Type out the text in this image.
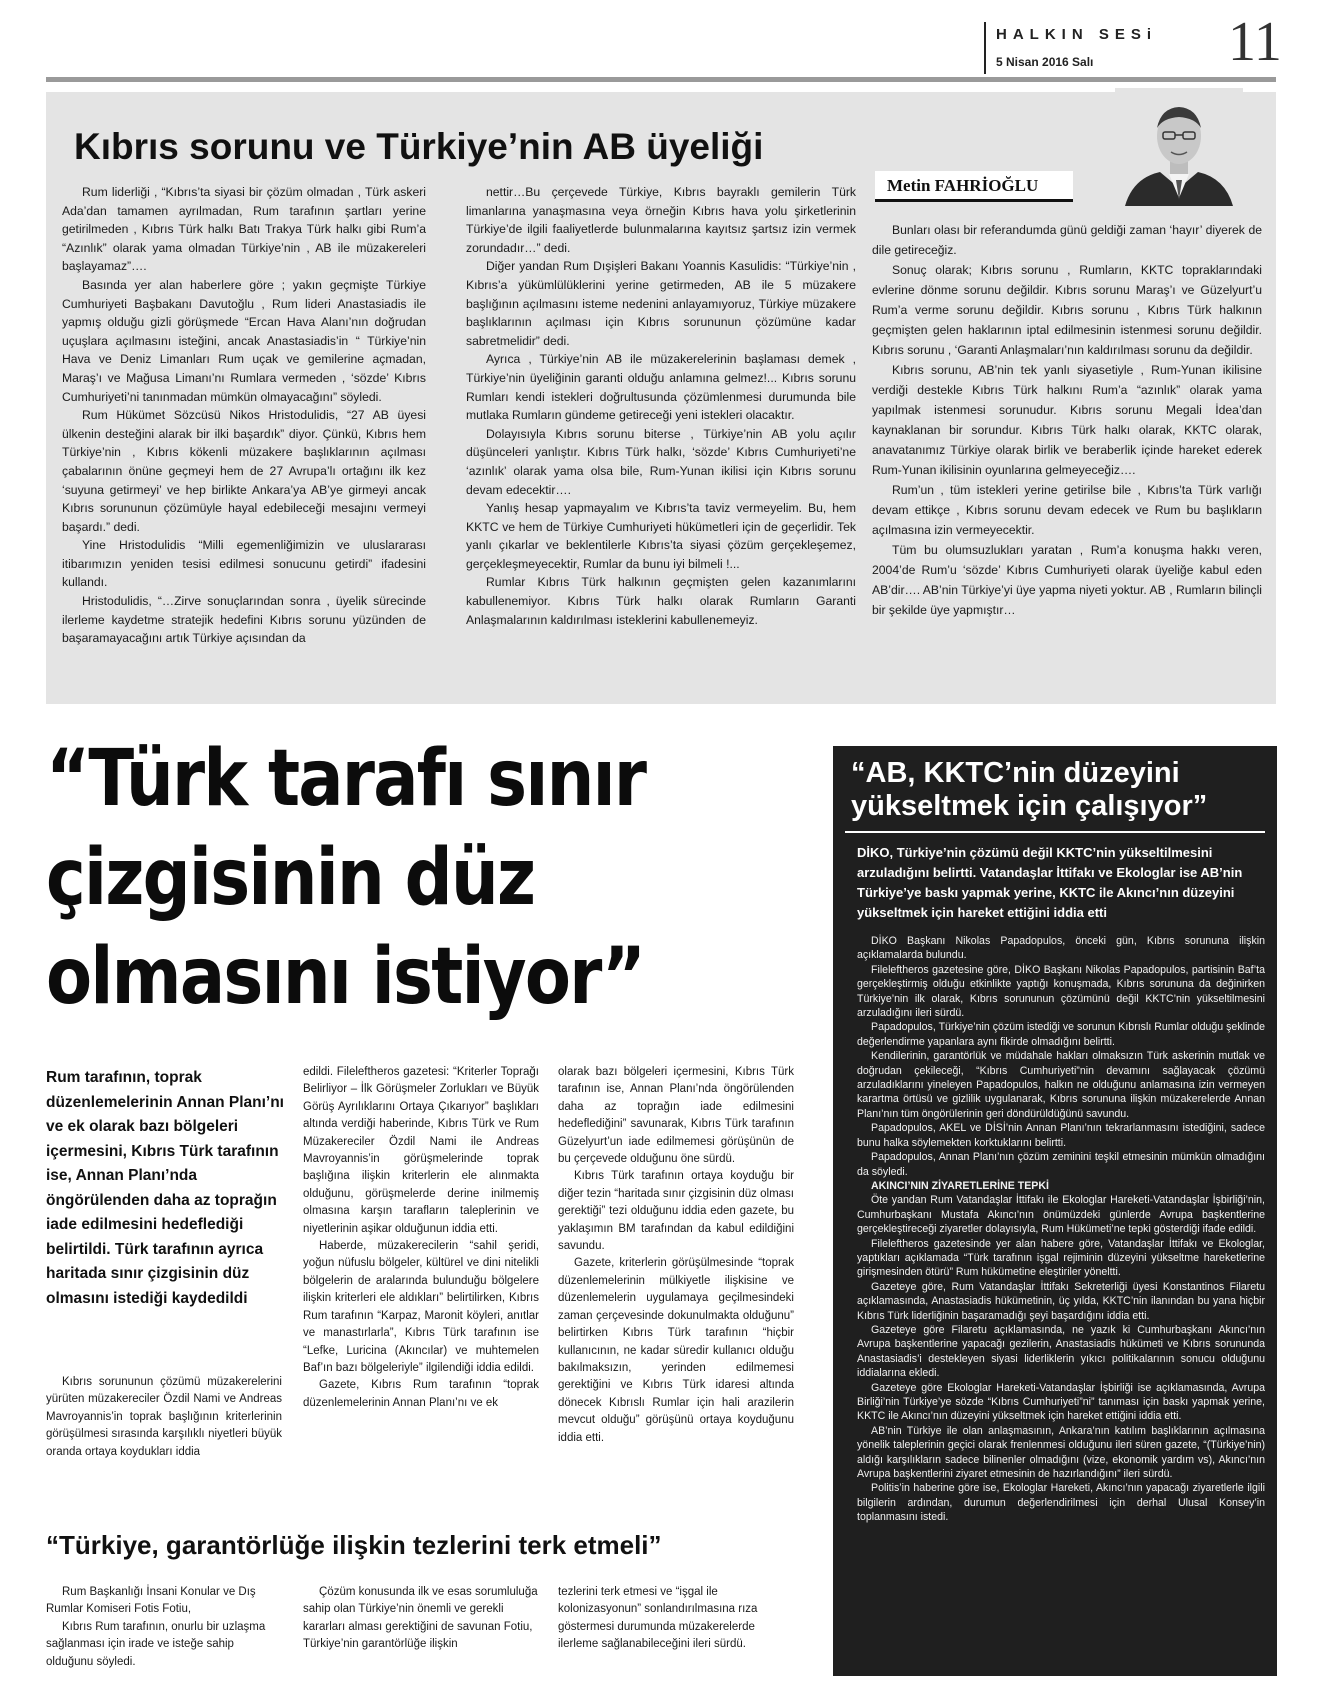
HALKIN SESi
5 Nisan 2016 Salı 11
Kıbrıs sorunu ve Türkiye’nin AB üyeliği
Metin FAHRİOĞLU

Rum liderliği , “Kıbrıs’ta siyasi bir çözüm olmadan , Türk askeri Ada’dan tamamen ayrılmadan, Rum tarafının şartları yerine getirilmeden , Kıbrıs Türk halkı Batı Trakya Türk halkı gibi Rum’a “Azınlık” olarak yama olmadan Türkiye’nin , AB ile müzakereleri başlayamaz”….

Basında yer alan haberlere göre ; yakın geçmişte Türkiye Cumhuriyeti Başbakanı Davutoğlu , Rum lideri Anastasiadis ile yapmış olduğu gizli görüşmede “Ercan Hava Alanı’nın doğrudan uçuşlara açılmasını isteğini, ancak Anastasiadis’in “ Türkiye’nin Hava ve Deniz Limanları Rum uçak ve gemilerine açmadan, Maraş’ı ve Mağusa Limanı’nı Rumlara vermeden , ‘sözde’ Kıbrıs Cumhuriyeti’ni tanınmadan mümkün olmayacağını” söyledi.

Rum Hükümet Sözcüsü Nikos Hristodulidis, “27 AB üyesi ülkenin desteğini alarak bir ilki başardık” diyor. Çünkü, Kıbrıs hem Türkiye’nin , Kıbrıs kökenli müzakere başlıklarının açılması çabalarının önüne geçmeyi hem de 27 Avrupa’lı ortağını ilk kez ‘suyuna getirmeyi’ ve hep birlikte Ankara’ya AB’ye girmeyi ancak Kıbrıs sorununun çözümüyle hayal edebileceği mesajını vermeyi başardı.” dedi.

Yine Hristodulidis “Milli egemenliğimizin ve uluslararası itibarımızın yeniden tesisi edilmesi sonucunu getirdi” ifadesini kullandı.

Hristodulidis, “…Zirve sonuçlarından sonra , üyelik sürecinde ilerleme kaydetme stratejik hedefini Kıbrıs sorunu yüzünden de başaramayacağını artık Türkiye açısından da

nettir…Bu çerçevede Türkiye, Kıbrıs bayraklı gemilerin Türk limanlarına yanaşmasına veya örneğin Kıbrıs hava yolu şirketlerinin Türkiye’de ilgili faaliyetlerde bulunmalarına kayıtsız şartsız izin vermek zorundadır…” dedi.

Diğer yandan Rum Dışişleri Bakanı Yoannis Kasulidis: “Türkiye’nin , Kıbrıs’a yükümlülüklerini yerine getirmeden, AB ile 5 müzakere başlığının açılmasını isteme nedenini anlayamıyoruz, Türkiye müzakere başlıklarının açılması için Kıbrıs sorununun çözümüne kadar sabretmelidir” dedi.

Ayrıca , Türkiye’nin AB ile müzakerelerinin başlaması demek , Türkiye’nin üyeliğinin garanti olduğu anlamına gelmez!... Kıbrıs sorunu Rumları kendi istekleri doğrultusunda çözümlenmesi durumunda bile mutlaka Rumların gündeme getireceği yeni istekleri olacaktır.

Dolayısıyla Kıbrıs sorunu biterse , Türkiye’nin AB yolu açılır düşünceleri yanlıştır. Kıbrıs Türk halkı, ‘sözde’ Kıbrıs Cumhuriyeti’ne ‘azınlık’ olarak yama olsa bile, Rum-Yunan ikilisi için Kıbrıs sorunu devam edecektir….

Yanlış hesap yapmayalım ve Kıbrıs’ta taviz vermeyelim. Bu, hem KKTC ve hem de Türkiye Cumhuriyeti hükümetleri için de geçerlidir. Tek yanlı çıkarlar ve beklentilerle Kıbrıs’ta siyasi çözüm gerçekleşemez, gerçekleşmeyecektir, Rumlar da bunu iyi bilmeli !...

Rumlar Kıbrıs Türk halkının geçmişten gelen kazanımlarını kabullenemiyor. Kıbrıs Türk halkı olarak Rumların Garanti Anlaşmalarının kaldırılması isteklerini kabullenemeyiz.

Bunları olası bir referandumda günü geldiği zaman ‘hayır’ diyerek de dile getireceğiz.

Sonuç olarak; Kıbrıs sorunu , Rumların, KKTC topraklarındaki evlerine dönme sorunu değildir. Kıbrıs sorunu Maraş’ı ve Güzelyurt’u Rum’a verme sorunu değildir. Kıbrıs sorunu , Kıbrıs Türk halkının geçmişten gelen haklarının iptal edilmesinin istenmesi sorunu değildir. Kıbrıs sorunu , ‘Garanti Anlaşmaları’nın kaldırılması sorunu da değildir.

Kıbrıs sorunu, AB’nin tek yanlı siyasetiyle , Rum-Yunan ikilisine verdiği destekle Kıbrıs Türk halkını Rum’a “azınlık” olarak yama yapılmak istenmesi sorunudur. Kıbrıs sorunu Megali İdea’dan kaynaklanan bir sorundur. Kıbrıs Türk halkı olarak, KKTC olarak, anavatanımız Türkiye olarak birlik ve beraberlik içinde hareket ederek Rum-Yunan ikilisinin oyunlarına gelmeyeceğiz….

Rum’un , tüm istekleri yerine getirilse bile , Kıbrıs’ta Türk varlığı devam ettikçe , Kıbrıs sorunu devam edecek ve Rum bu başlıkların açılmasına izin vermeyecektir.

Tüm bu olumsuzlukları yaratan , Rum’a konuşma hakkı veren, 2004’de Rum’u ‘sözde’ Kıbrıs Cumhuriyeti olarak üyeliğe kabul eden AB’dir…. AB’nin Türkiye’yi üye yapma niyeti yoktur. AB , Rumların bilinçli bir şekilde üye yapmıştır…

“Türk tarafı sınır
çizgisinin düz
olmasını istiyor”
Rum tarafının, toprak düzenlemelerinin Annan Planı’nı ve ek olarak bazı bölgeleri içermesini, Kıbrıs Türk tarafının ise, Annan Planı’nda öngörülenden daha az toprağın iade edilmesini hedeflediği belirtildi. Türk tarafının ayrıca haritada sınır çizgisinin düz olmasını istediği kaydedildi

Kıbrıs sorununun çözümü müzakerelerini yürüten müzakereciler Özdil Nami ve Andreas Mavroyannis’in toprak başlığının kriterlerinin görüşülmesi sırasında karşılıklı niyetleri büyük oranda ortaya koydukları iddia

edildi. Fileleftheros gazetesi: “Kriterler Toprağı Belirliyor – İlk Görüşmeler Zorlukları ve Büyük Görüş Ayrılıklarını Ortaya Çıkarıyor” başlıkları altında verdiği haberinde, Kıbrıs Türk ve Rum Müzakereciler Özdil Nami ile Andreas Mavroyannis’in görüşmelerinde toprak başlığına ilişkin kriterlerin ele alınmakta olduğunu, görüşmelerde derine inilmemiş olmasına karşın tarafların taleplerinin ve niyetlerinin aşikar olduğunun iddia etti.

Haberde, müzakerecilerin “sahil şeridi, yoğun nüfuslu bölgeler, kültürel ve dini nitelikli bölgelerin de aralarında bulunduğu bölgelere ilişkin kriterleri ele aldıkları” belirtilirken, Kıbrıs Rum tarafının “Karpaz, Maronit köyleri, anıtlar ve manastırlarla”, Kıbrıs Türk tarafının ise “Lefke, Luricina (Akıncılar) ve muhtemelen Baf’ın bazı bölgeleriyle” ilgilendiği iddia edildi.

Gazete, Kıbrıs Rum tarafının “toprak düzenlemelerinin Annan Planı’nı ve ek

olarak bazı bölgeleri içermesini, Kıbrıs Türk tarafının ise, Annan Planı’nda öngörülenden daha az toprağın iade edilmesini hedeflediğini” savunarak, Kıbrıs Türk tarafının Güzelyurt’un iade edilmemesi görüşünün de bu çerçevede olduğunu öne sürdü.

Kıbrıs Türk tarafının ortaya koyduğu bir diğer tezin “haritada sınır çizgisinin düz olması gerektiği” tezi olduğunu iddia eden gazete, bu yaklaşımın BM tarafından da kabul edildiğini savundu.

Gazete, kriterlerin görüşülmesinde “toprak düzenlemelerinin mülkiyetle ilişkisine ve düzenlemelerin uygulamaya geçilmesindeki zaman çerçevesinde dokunulmakta olduğunu” belirtirken Kıbrıs Türk tarafının “hiçbir kullanıcının, ne kadar süredir kullanıcı olduğu bakılmaksızın, yerinden edilmemesi gerektiğini ve Kıbrıs Türk idaresi altında dönecek Kıbrıslı Rumlar için hali arazilerin mevcut olduğu” görüşünü ortaya koyduğunu iddia etti.

“AB, KKTC’nin düzeyini yükseltmek için çalışıyor”
DİKO, Türkiye’nin çözümü değil KKTC’nin yükseltilmesini arzuladığını belirtti. Vatandaşlar İttifakı ve Ekologlar ise AB’nin Türkiye’ye baskı yapmak yerine, KKTC ile Akıncı’nın düzeyini yükseltmek için hareket ettiğini iddia etti

DİKO Başkanı Nikolas Papadopulos, önceki gün, Kıbrıs sorununa ilişkin açıklamalarda bulundu.

Fileleftheros gazetesine göre, DİKO Başkanı Nikolas Papadopulos, partisinin Baf’ta gerçekleştirmiş olduğu etkinlikte yaptığı konuşmada, Kıbrıs sorununa da değinirken Türkiye’nin ilk olarak, Kıbrıs sorununun çözümünü değil KKTC’nin yükseltilmesini arzuladığını ileri sürdü.

Papadopulos, Türkiye’nin çözüm istediği ve sorunun Kıbrıslı Rumlar olduğu şeklinde değerlendirme yapanlara aynı fikirde olmadığını belirtti.

Kendilerinin, garantörlük ve müdahale hakları olmaksızın Türk askerinin mutlak ve doğrudan çekileceği, “Kıbrıs Cumhuriyeti”nin devamını sağlayacak çözümü arzuladıklarını yineleyen Papadopulos, halkın ne olduğunu anlamasına izin vermeyen karartma örtüsü ve gizlilik uygulanarak, Kıbrıs sorununa ilişkin müzakerelerde Annan Planı’nın tüm öngörülerinin geri döndürüldüğünü savundu.

Papadopulos, AKEL ve DİSİ’nin Annan Planı’nın tekrarlanmasını istediğini, sadece bunu halka söylemekten korktuklarını belirtti.

Papadopulos, Annan Planı’nın çözüm zeminini teşkil etmesinin mümkün olmadığını da söyledi.

AKINCI’NIN ZİYARETLERİNE TEPKİ

Öte yandan Rum Vatandaşlar İttifakı ile Ekologlar Hareketi-Vatandaşlar İşbirliği’nin, Cumhurbaşkanı Mustafa Akıncı’nın önümüzdeki günlerde Avrupa başkentlerine gerçekleştireceği ziyaretler dolayısıyla, Rum Hükümeti’ne tepki gösterdiği ifade edildi.

Fileleftheros gazetesinde yer alan habere göre, Vatandaşlar İttifakı ve Ekologlar, yaptıkları açıklamada “Türk tarafının işgal rejiminin düzeyini yükseltme hareketlerine girişmesinden ötürü” Rum hükümetine eleştiriler yöneltti.

Gazeteye göre, Rum Vatandaşlar İttifakı Sekreterliği üyesi Konstantinos Filaretu açıklamasında, Anastasiadis hükümetinin, üç yılda, KKTC’nin ilanından bu yana hiçbir Kıbrıs Türk liderliğinin başaramadığı şeyi başardığını iddia etti.

Gazeteye göre Filaretu açıklamasında, ne yazık ki Cumhurbaşkanı Akıncı’nın Avrupa başkentlerine yapacağı gezilerin, Anastasiadis hükümeti ve Kıbrıs sorununda Anastasiadis’i destekleyen siyasi liderliklerin yıkıcı politikalarının sonucu olduğunu iddialarına ekledi.

Gazeteye göre Ekologlar Hareketi-Vatandaşlar İşbirliği ise açıklamasında, Avrupa Birliği’nin Türkiye’ye sözde “Kıbrıs Cumhuriyeti”ni” tanıması için baskı yapmak yerine, KKTC ile Akıncı’nın düzeyini yükseltmek için hareket ettiğini iddia etti.

AB’nin Türkiye ile olan anlaşmasının, Ankara’nın katılım başlıklarının açılmasına yönelik taleplerinin geçici olarak frenlenmesi olduğunu ileri süren gazete, “(Türkiye’nin) aldığı karşılıkların sadece bilinenler olmadığını (vize, ekonomik yardım vs), Akıncı’nın Avrupa başkentlerini ziyaret etmesinin de hazırlandığını” ileri sürdü.

Politis’in haberine göre ise, Ekologlar Hareketi, Akıncı’nın yapacağı ziyaretlerle ilgili bilgilerin ardından, durumun değerlendirilmesi için derhal Ulusal Konsey’in toplanmasını istedi.

“Türkiye, garantörlüğe ilişkin tezlerini terk etmeli”

Rum Başkanlığı İnsani Konular ve Dış Rumlar Komiseri Fotis Fotiu,

Kıbrıs Rum tarafının, onurlu bir uzlaşma sağlanması için irade ve isteğe sahip olduğunu söyledi.

Çözüm konusunda ilk ve esas sorumluluğa sahip olan Türkiye’nin önemli ve gerekli kararları alması gerektiğini de savunan Fotiu, Türkiye’nin garantörlüğe ilişkin

tezlerini terk etmesi ve “işgal ile kolonizasyonun” sonlandırılmasına rıza göstermesi durumunda müzakerelerde ilerleme sağlanabileceğini ileri sürdü.
